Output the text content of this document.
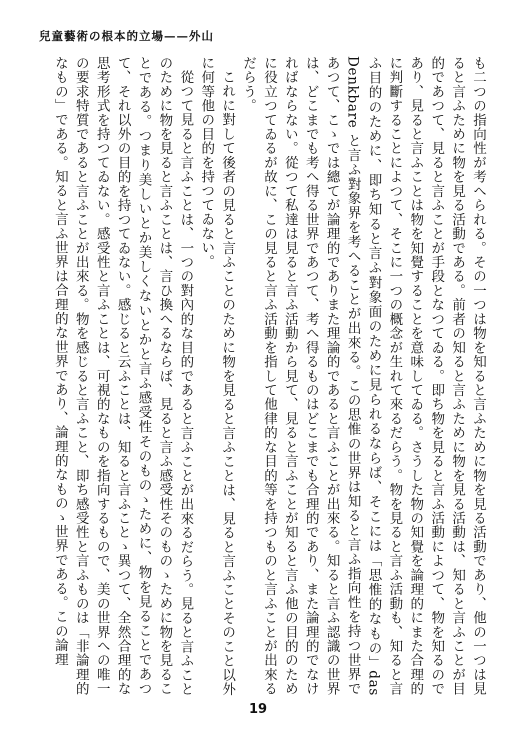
兒童藝術の根本的立場——外山

も二つの指向性が考へられる。その一つは物を知ると言ふために物を見る活動であり、他の一つは見ると言ふために物を見る活動である。前者の知ると言ふために物を見る活動は、知ると言ふことが目的であつて、見ると言ふことが手段となつてゐる。即ち物を見ると言ふ活動によつて、物を知るのであり、見ると言ふことは物を知覺することを意味してゐる。さうした物の知覺を論理的にまた合理的に判斷することによつて、そこに一つの概念が生れて來るだらう。物を見ると言ふ活動も、知ると言ふ目的のために、即ち知ると言ふ對象面のために見られるならば、そこには「思惟的なもの」das Denkbare と言ふ對象界を考へることが出來る。この思惟の世界は知ると言ふ指向性を持つ世界であつて、こゝでは總てが論理的でありまた理論的であると言ふことが出來る。知ると言ふ認識の世界は、どこまでも考へ得る世界であつて、考へ得るものはどこまでも合理的であり、また論理的でなければならない。從つて私達は見ると言ふ活動から見て、見ると言ふことが知ると言ふ他の目的のために役立つてゐるが故に、この見ると言ふ活動を指して他律的な目的等を持つものと言ふことが出來るだらう。

これに對して後者の見ると言ふことのために物を見ると言ふことは、見ると言ふことそのこと以外に何等他の目的を持つてゐない。

從つて見ると言ふことは、一つの對內的な目的であると言ふことが出來るだらう。見ると言ふことのために物を見ると言ふことは、言ひ換へるならば、見ると言ふ感受性そのものゝために物を見ることである。つまり美しいとか美しくないとかと言ふ感受性そのものゝために、物を見ることであつて、それ以外の目的を持つてゐない。感じると云ふことは、知ると言ふことゝ異つて、全然合理的な思考形式を持つてゐない。感受性と言ふことは、可視的なものを指向するもので、美の世界への唯一の要求特質であると言ふことが出來る。物を感じると言ふこと、即ち感受性と言ふものは「非論理的なもの」である。知ると言ふ世界は合理的な世界であり、論理的なものゝ世界である。この論理

19
